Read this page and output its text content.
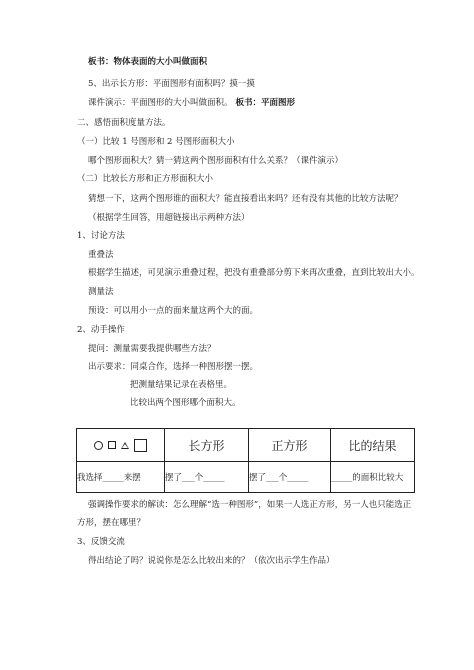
板书：物体表面的大小叫做面积
5、出示长方形：平面图形有面积吗？摸一摸
课件演示：平面图形的大小叫做面积。 板书：平面图形
二、感悟面积度量方法。
（一）比较 1 号图形和 2 号图形面积大小
哪个图形面积大？猜一猜这两个图形面积有什么关系？（课件演示）
（二）比较长方形和正方形面积大小
猜想一下，这两个图形谁的面积大？能直接看出来吗？还有没有其他的比较方法呢？
（根据学生回答，用超链接出示两种方法）
1、讨论方法
重叠法
根据学生描述，可见演示重叠过程，把没有重叠部分剪下来再次重叠，直到比较出大小。
测量法
预设：可以用小一点的面来量这两个大的面。
2、动手操作
提问：测量需要我提供哪些方法？
出示要求：同桌合作，选择一种图形摆一摆。
把测量结果记录在表格里。
比较出两个图形哪个面积大。
	长方形	正方形	比的结果
我选择_____来摆	摆了___个_____	摆了___个_____	_____的面积比较大
强调操作要求的解读：怎么理解“选一种图形”，如果一人选正方形，另一人也只能选正
方形，摆在哪里？
3、反馈交流
得出结论了吗？说说你是怎么比较出来的？（依次出示学生作品）
